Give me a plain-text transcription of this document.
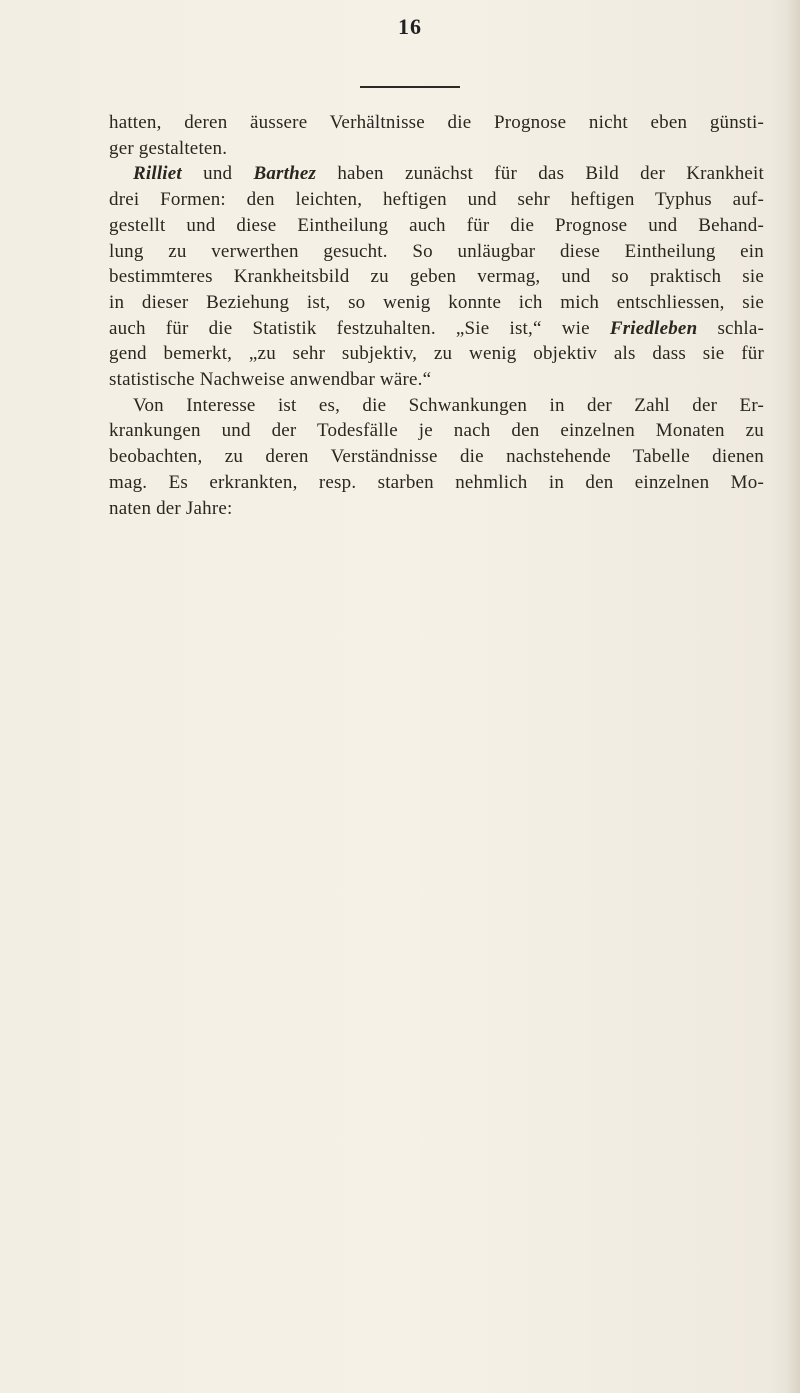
16
hatten, deren äussere Verhältnisse die Prognose nicht eben günsti-
ger gestalteten.
Rilliet und Barthez haben zunächst für das Bild der Krankheit
drei Formen: den leichten, heftigen und sehr heftigen Typhus auf-
gestellt und diese Eintheilung auch für die Prognose und Behand-
lung zu verwerthen gesucht. So unläugbar diese Eintheilung ein
bestimmteres Krankheitsbild zu geben vermag, und so praktisch sie
in dieser Beziehung ist, so wenig konnte ich mich entschliessen, sie
auch für die Statistik festzuhalten. „Sie ist,“ wie Friedleben schla-
gend bemerkt, „zu sehr subjektiv, zu wenig objektiv als dass sie für
statistische Nachweise anwendbar wäre.“
Von Interesse ist es, die Schwankungen in der Zahl der Er-
krankungen und der Todesfälle je nach den einzelnen Monaten zu
beobachten, zu deren Verständnisse die nachstehende Tabelle dienen
mag. Es erkrankten, resp. starben nehmlich in den einzelnen Mo-
naten der Jahre:
